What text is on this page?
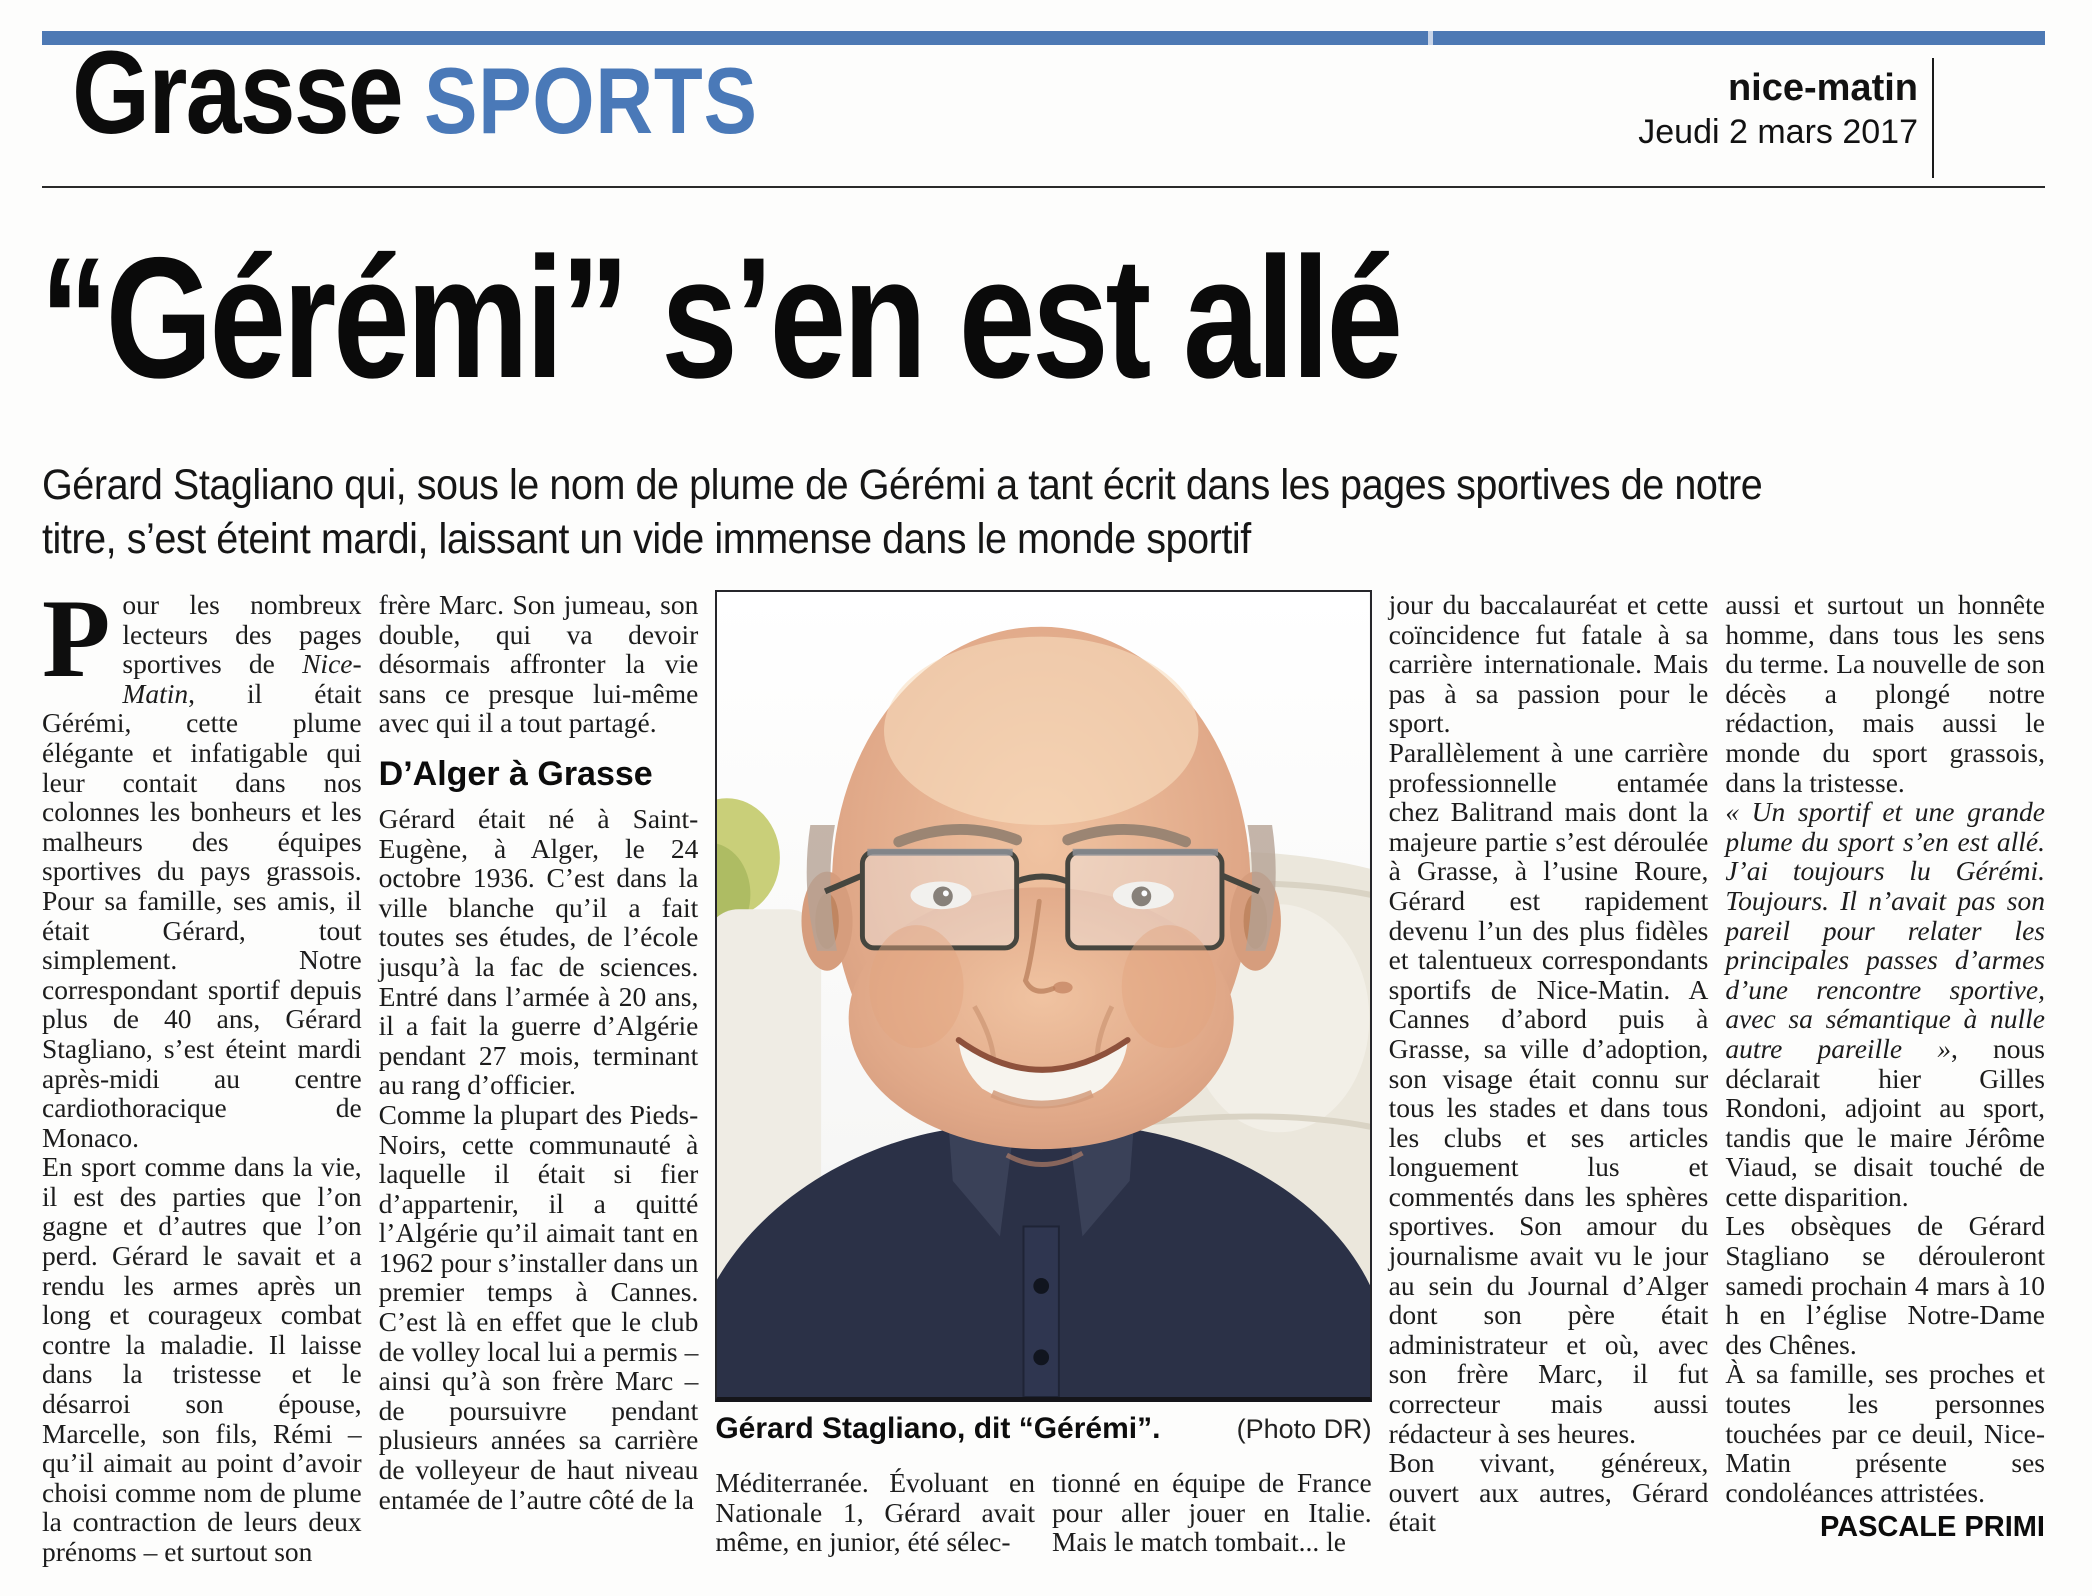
Grasse SPORTS	nice-matin
Jeudi 2 mars 2017
“Gérémi” s’en est allé
Gérard Stagliano qui, sous le nom de plume de Gérémi a tant écrit dans les pages sportives de notre titre, s’est éteint mardi, laissant un vide immense dans le monde sportif

Pour les nombreux lecteurs des pages sportives de Nice-Matin, il était Gérémi, cette plume élégante et infatigable qui leur contait dans nos colonnes les bonheurs et les malheurs des équipes sportives du pays grassois. Pour sa famille, ses amis, il était Gérard, tout simplement. Notre correspondant sportif depuis plus de 40 ans, Gérard Stagliano, s’est éteint mardi après-midi au centre cardiothoracique de Monaco.

En sport comme dans la vie, il est des parties que l’on gagne et d’autres que l’on perd. Gérard le savait et a rendu les armes après un long et courageux combat contre la maladie. Il laisse dans la tristesse et le désarroi son épouse, Marcelle, son fils, Rémi – qu’il aimait au point d’avoir choisi comme nom de plume la contraction de leurs deux prénoms – et surtout son

frère Marc. Son jumeau, son double, qui va devoir désormais affronter la vie sans ce presque lui-même avec qui il a tout partagé.

D’Alger à Grasse

Gérard était né à Saint-Eugène, à Alger, le 24 octobre 1936. C’est dans la ville blanche qu’il a fait toutes ses études, de l’école jusqu’à la fac de sciences. Entré dans l’armée à 20 ans, il a fait la guerre d’Algérie pendant 27 mois, terminant au rang d’officier.

Comme la plupart des Pieds-Noirs, cette communauté à laquelle il était si fier d’appartenir, il a quitté l’Algérie qu’il aimait tant en 1962 pour s’installer dans un premier temps à Cannes. C’est là en effet que le club de volley local lui a permis – ainsi qu’à son frère Marc – de poursuivre pendant plusieurs années sa carrière de volleyeur de haut niveau entamée de l’autre côté de la

Gérard Stagliano, dit “Gérémi”.	(Photo DR)

Méditerranée. Évoluant en Nationale 1, Gérard avait même, en junior, été sélec-

tionné en équipe de France pour aller jouer en Italie. Mais le match tombait... le

jour du baccalauréat et cette coïncidence fut fatale à sa carrière internationale. Mais pas à sa passion pour le sport.

Parallèlement à une carrière professionnelle entamée chez Balitrand mais dont la majeure partie s’est déroulée à Grasse, à l’usine Roure, Gérard est rapidement devenu l’un des plus fidèles et talentueux correspondants sportifs de Nice-Matin. A Cannes d’abord puis à Grasse, sa ville d’adoption, son visage était connu sur tous les stades et dans tous les clubs et ses articles longuement lus et commentés dans les sphères sportives. Son amour du journalisme avait vu le jour au sein du Journal d’Alger dont son père était administrateur et où, avec son frère Marc, il fut correcteur mais aussi rédacteur à ses heures.

Bon vivant, généreux, ouvert aux autres, Gérard était

aussi et surtout un honnête homme, dans tous les sens du terme. La nouvelle de son décès a plongé notre rédaction, mais aussi le monde du sport grassois, dans la tristesse.

« Un sportif et une grande plume du sport s’en est allé. J’ai toujours lu Gérémi. Toujours. Il n’avait pas son pareil pour relater les principales passes d’armes d’une rencontre sportive, avec sa sémantique à nulle autre pareille », nous déclarait hier Gilles Rondoni, adjoint au sport, tandis que le maire Jérôme Viaud, se disait touché de cette disparition.

Les obsèques de Gérard Stagliano se dérouleront samedi prochain 4 mars à 10 h en l’église Notre-Dame des Chênes.

À sa famille, ses proches et toutes les personnes touchées par ce deuil, Nice-Matin présente ses condoléances attristées.

PASCALE PRIMI
